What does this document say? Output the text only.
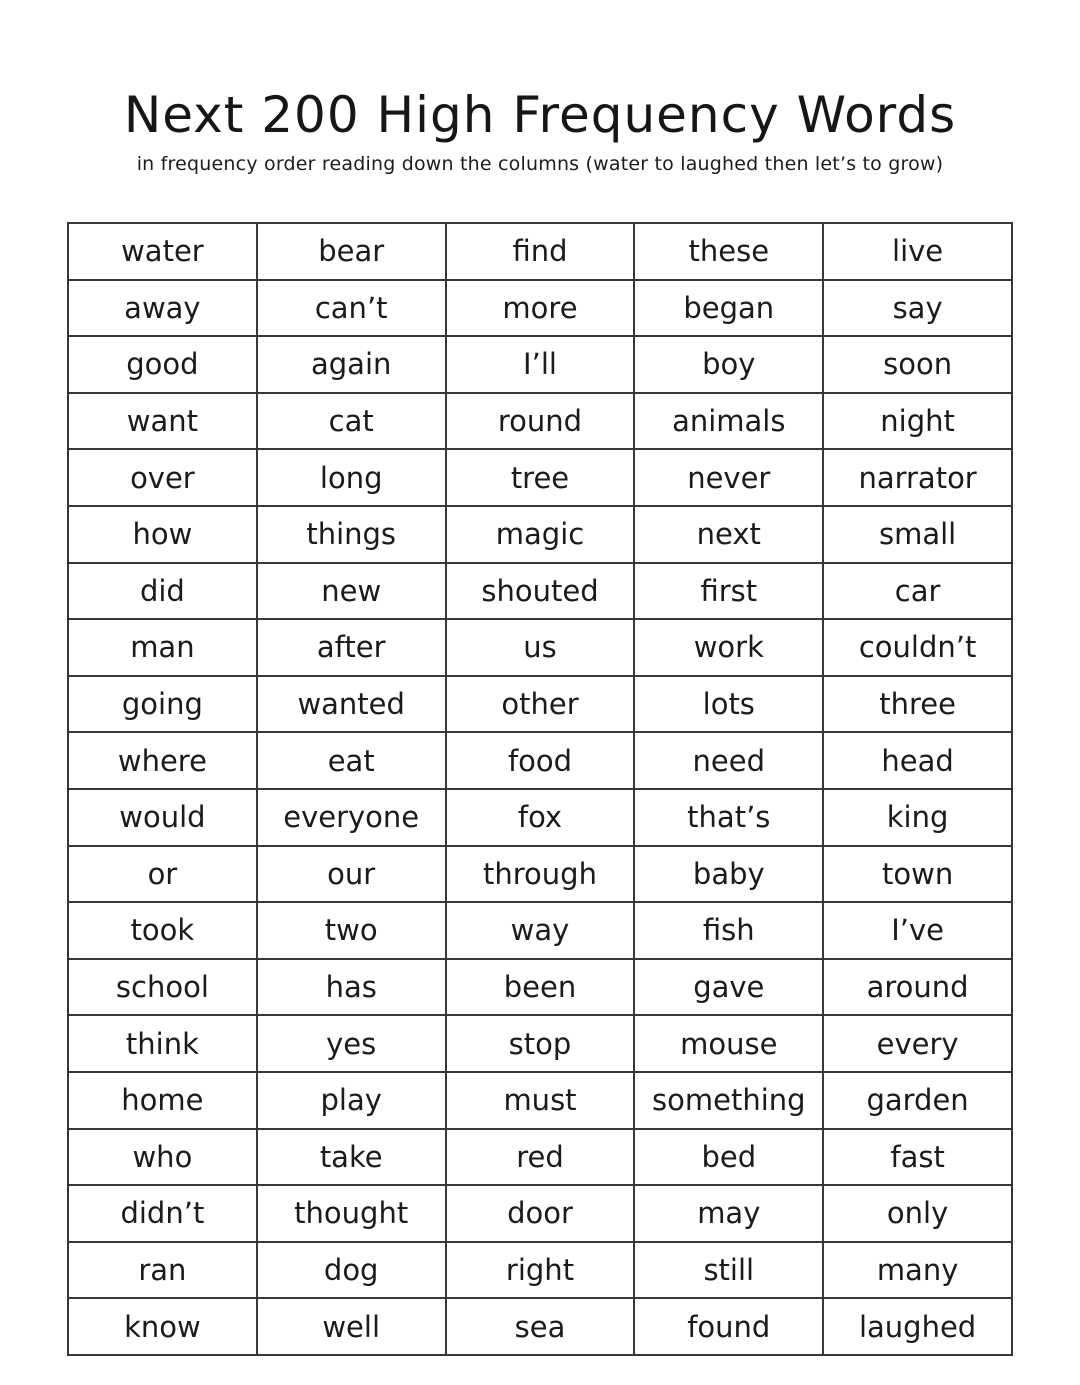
Next 200 High Frequency Words

in frequency order reading down the columns (water to laughed then let’s to grow)

water	bear	find	these	live
away	can’t	more	began	say
good	again	I’ll	boy	soon
want	cat	round	animals	night
over	long	tree	never	narrator
how	things	magic	next	small
did	new	shouted	first	car
man	after	us	work	couldn’t
going	wanted	other	lots	three
where	eat	food	need	head
would	everyone	fox	that’s	king
or	our	through	baby	town
took	two	way	fish	I’ve
school	has	been	gave	around
think	yes	stop	mouse	every
home	play	must	something	garden
who	take	red	bed	fast
didn’t	thought	door	may	only
ran	dog	right	still	many
know	well	sea	found	laughed
